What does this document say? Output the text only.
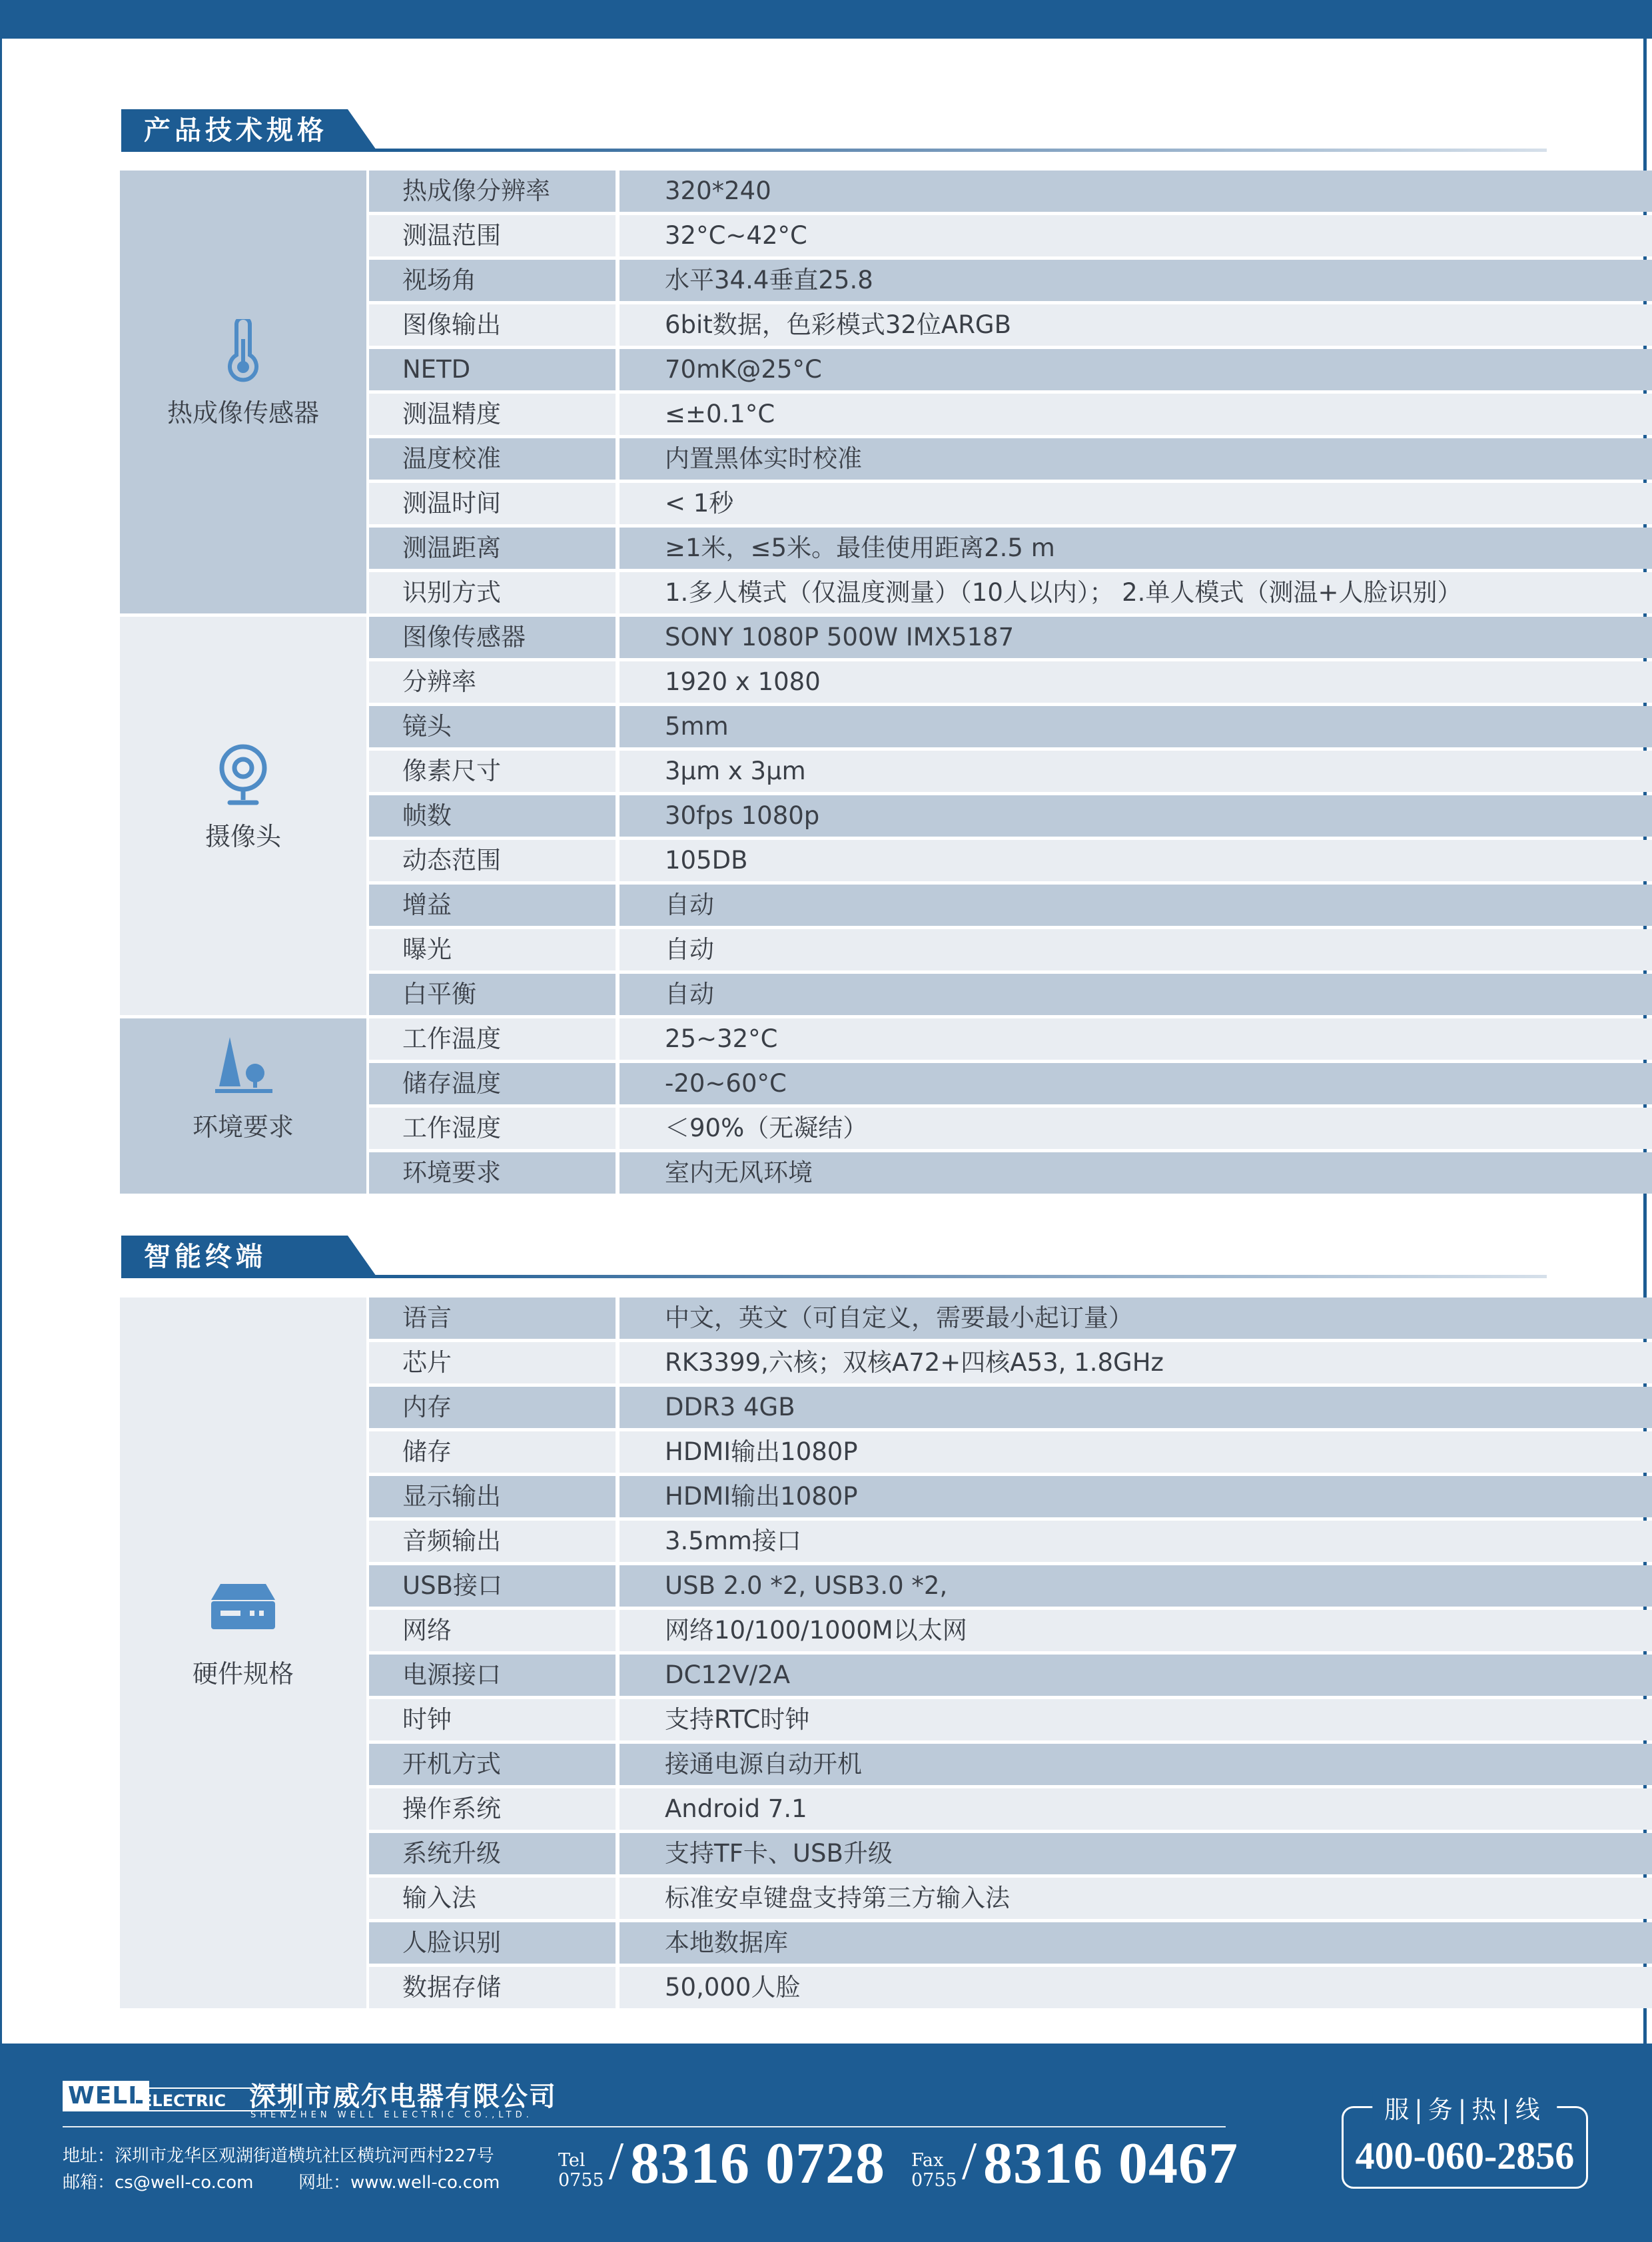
产品技术规格
热成像传感器
热成像分辨率	320*240
测温范围	32°C~42°C
视场角	水平34.4垂直25.8
图像输出	6bit数据，色彩模式32位ARGB
NETD	70mK@25°C
测温精度	≤±0.1°C
温度校准	内置黑体实时校准
测温时间	< 1秒
测温距离	≥1米，≤5米。最佳使用距离2.5 m
识别方式	1.多人模式（仅温度测量）（10人以内）； 2.单人模式（测温+人脸识别）
摄像头
图像传感器	SONY 1080P 500W IMX5187
分辨率	1920 x 1080
镜头	5mm
像素尺寸	3μm x 3μm
帧数	30fps 1080p
动态范围	105DB
增益	自动
曝光	自动
白平衡	自动
环境要求
工作温度	25~32°C
储存温度	-20~60°C
工作湿度	＜90%（无凝结）
环境要求	室内无风环境
智能终端
硬件规格
语言	中文，英文（可自定义，需要最小起订量）
芯片	RK3399,六核；双核A72+四核A53, 1.8GHz
内存	DDR3 4GB
储存	HDMI输出1080P
显示输出	HDMI输出1080P
音频输出	3.5mm接口
USB接口	USB 2.0 *2, USB3.0 *2,
网络	网络10/100/1000M以太网
电源接口	DC12V/2A
时钟	支持RTC时钟
开机方式	接通电源自动开机
操作系统	Android 7.1
系统升级	支持TF卡、USB升级
输入法	标准安卓键盘支持第三方输入法
人脸识别	本地数据库
数据存储	50,000人脸
WELL
ELECTRIC 深圳市威尔电器有限公司
SHENZHEN WELL ELECTRIC CO.,LTD.
地址：深圳市龙华区观湖街道横坑社区横坑河西村227号
邮箱：cs@well-co.com	网址：www.well-co.com
Tel
0755 / 8316 0728 Fax
0755 / 8316 0467
服|务|热|线
400-060-2856
